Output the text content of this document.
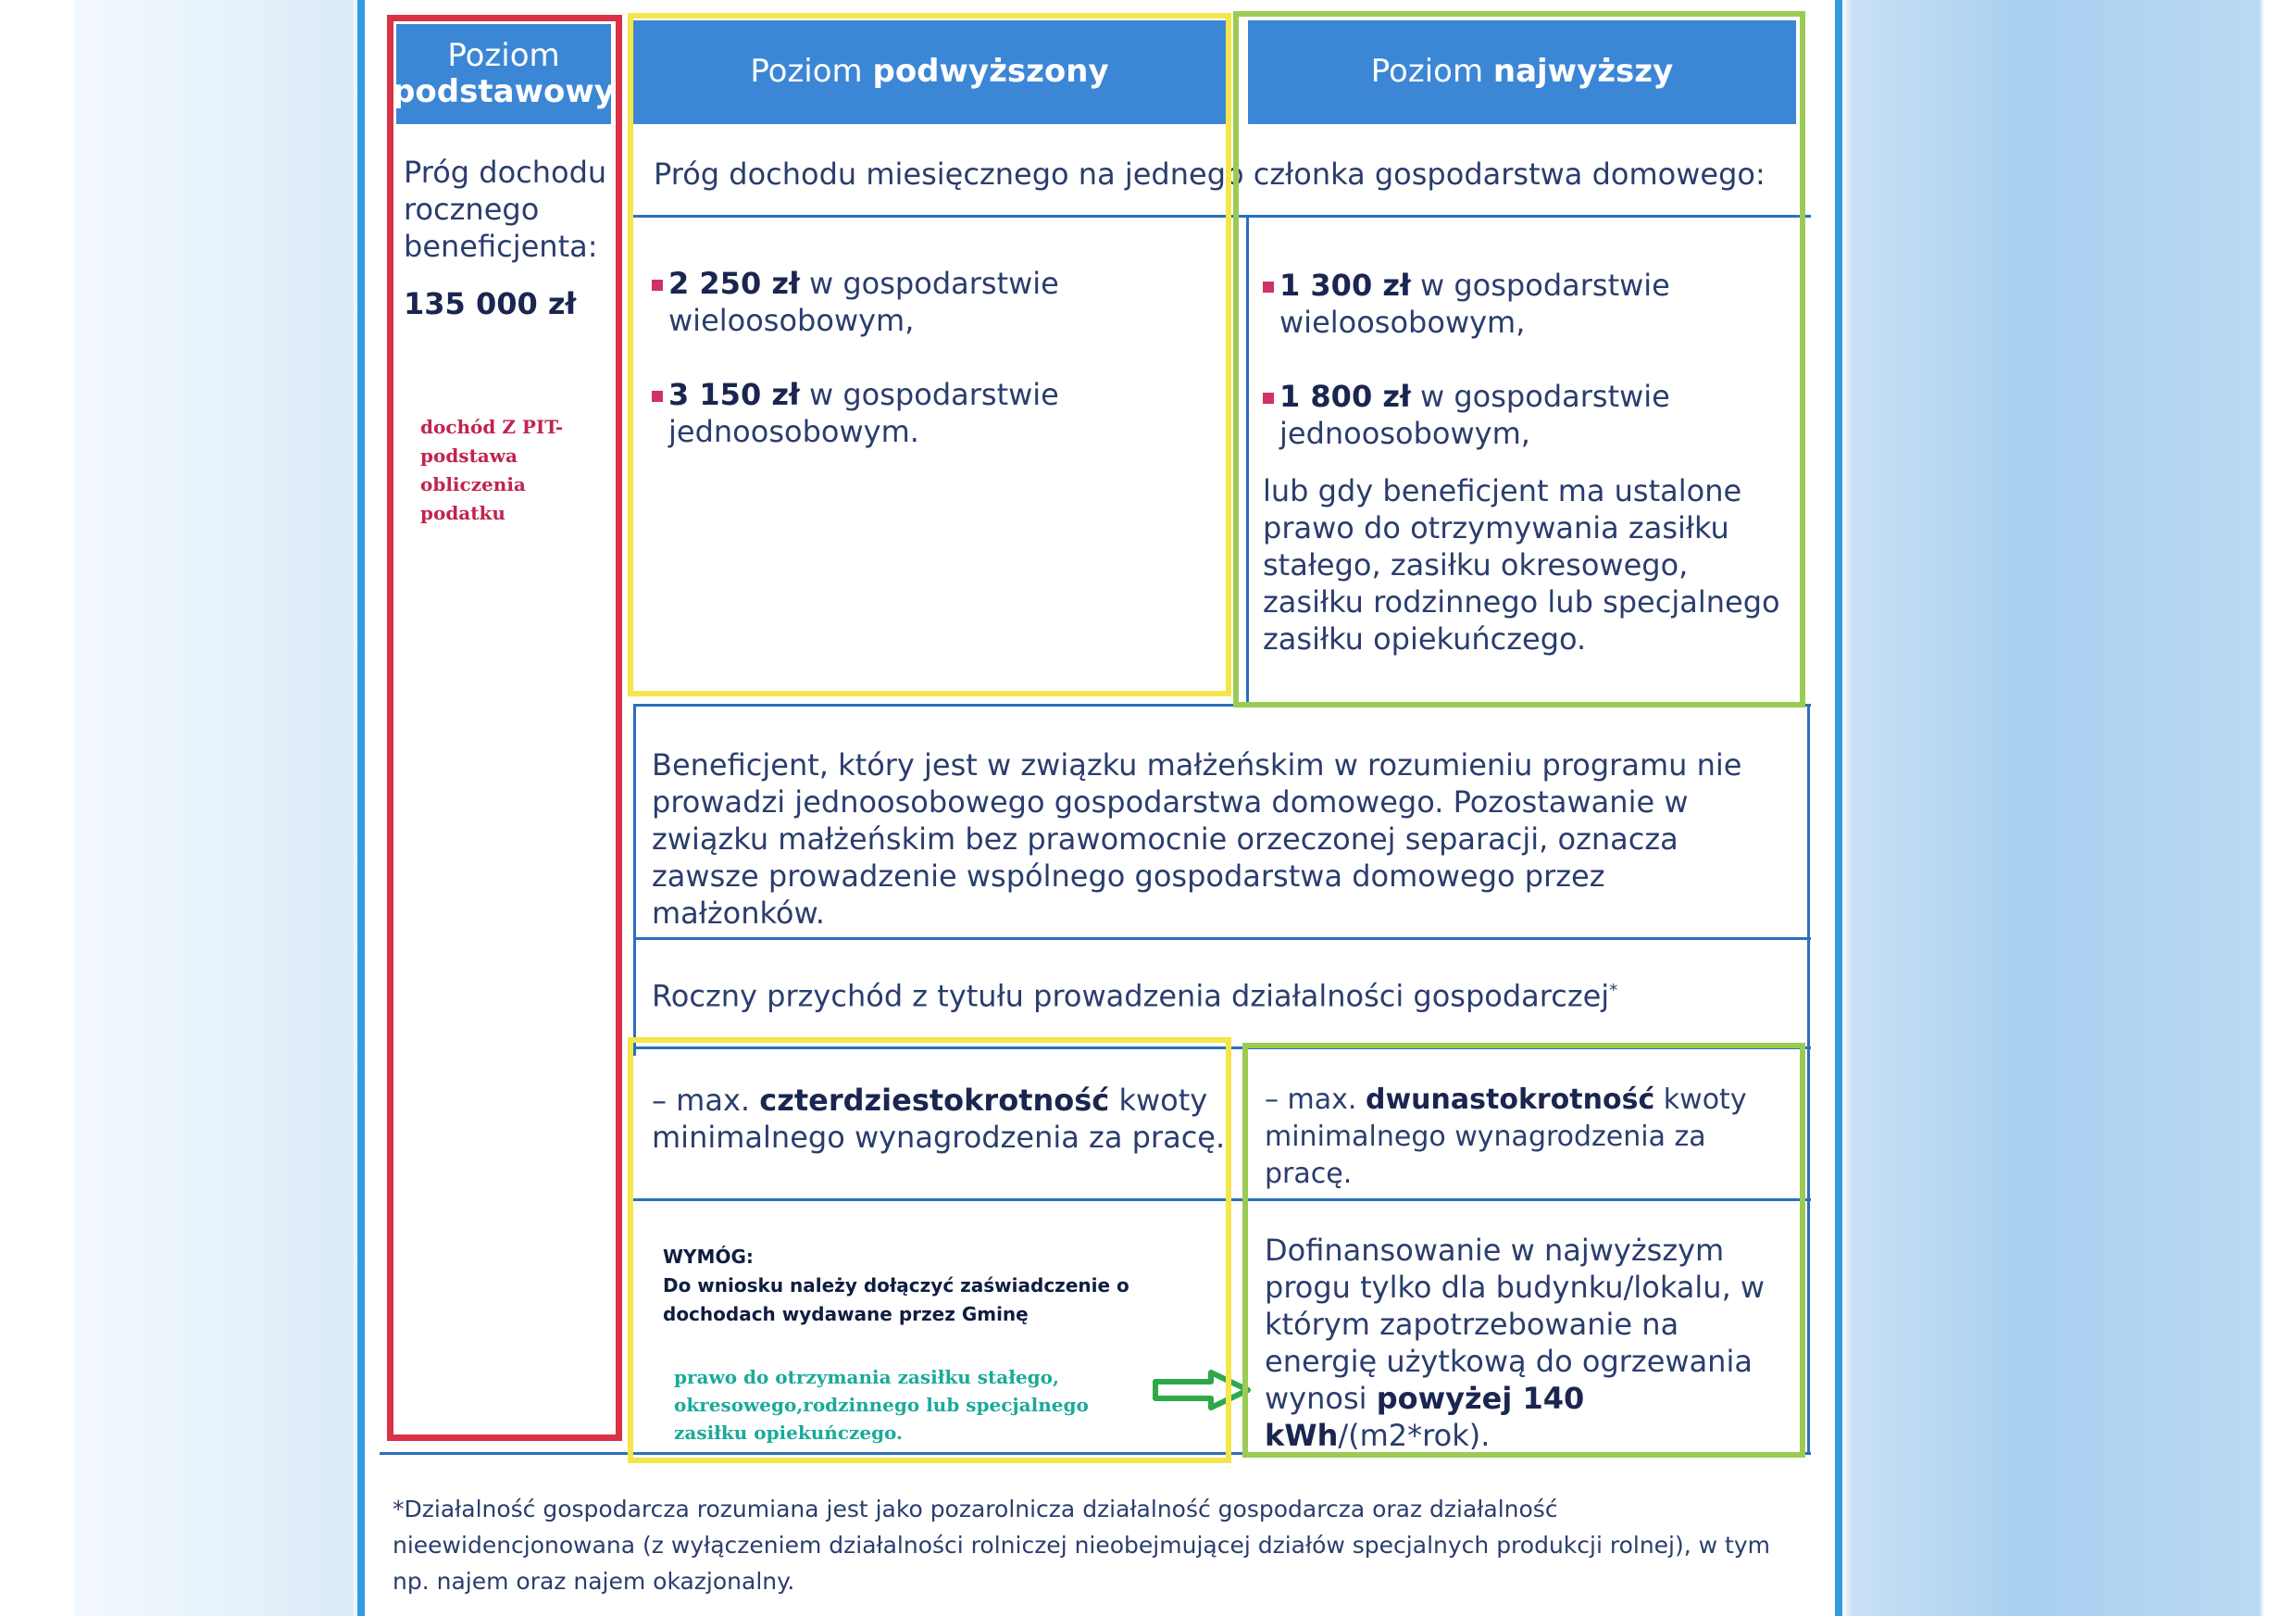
Poziom
podstawowy
Poziom podwyższony	Poziom najwyższy
Próg dochodu rocznego beneficjenta:
135 000 zł
dochód Z PIT- podstawa obliczenia podatku
Próg dochodu miesięcznego na jednego członka gospodarstwa domowego:
2 250 zł w gospodarstwie wieloosobowym,
3 150 zł w gospodarstwie jednoosobowym.
1 300 zł w gospodarstwie wieloosobowym,
1 800 zł w gospodarstwie jednoosobowym,
lub gdy beneficjent ma ustalone prawo do otrzymywania zasiłku stałego, zasiłku okresowego, zasiłku rodzinnego lub specjalnego zasiłku opiekuńczego.
Beneficjent, który jest w związku małżeńskim w rozumieniu programu nie prowadzi jednoosobowego gospodarstwa domowego. Pozostawanie w związku małżeńskim bez prawomocnie orzeczonej separacji, oznacza zawsze prowadzenie wspólnego gospodarstwa domowego przez małżonków.
Roczny przychód z tytułu prowadzenia działalności gospodarczej*
– max. czterdziestokrotność kwoty minimalnego wynagrodzenia za pracę.
– max. dwunastokrotność kwoty minimalnego wynagrodzenia za pracę.
WYMÓG:
Do wniosku należy dołączyć zaświadczenie o dochodach wydawane przez Gminę
prawo do otrzymania zasiłku stałego, okresowego,rodzinnego lub specjalnego zasiłku opiekuńczego.
Dofinansowanie w najwyższym progu tylko dla budynku/lokalu, w którym zapotrzebowanie na energię użytkową do ogrzewania wynosi powyżej 140 kWh/(m2*rok).
*Działalność gospodarcza rozumiana jest jako pozarolnicza działalność gospodarcza oraz działalność nieewidencjonowana (z wyłączeniem działalności rolniczej nieobejmującej działów specjalnych produkcji rolnej), w tym np. najem oraz najem okazjonalny.
